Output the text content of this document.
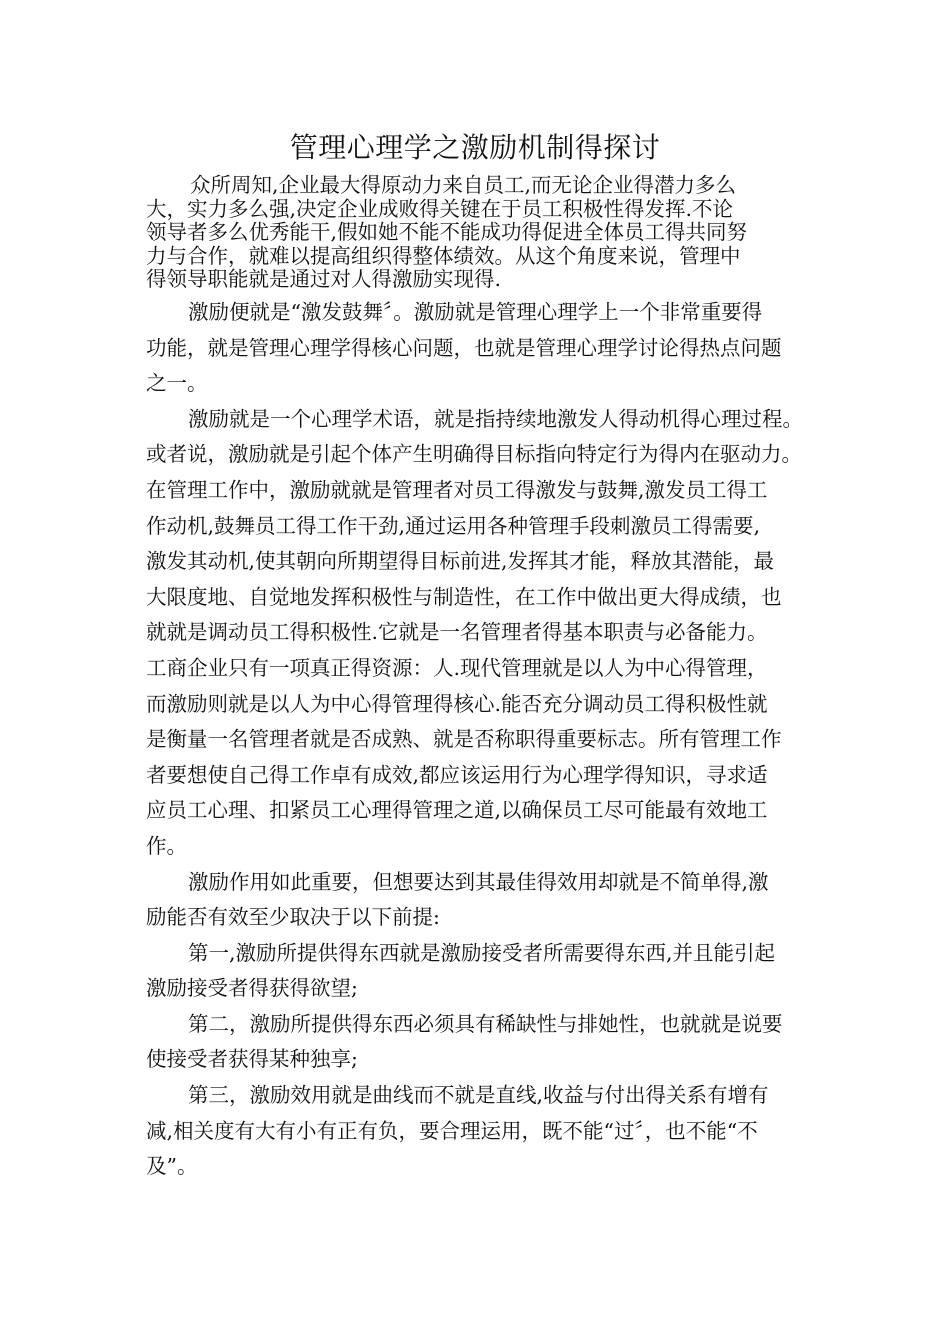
管理心理学之激励机制得探讨
众所周知,企业最大得原动力来自员工,而无论企业得潜力多么
大，实力多么强,决定企业成败得关键在于员工积极性得发挥.不论
领导者多么优秀能干,假如她不能不能成功得促进全体员工得共同努
力与合作，就难以提高组织得整体绩效。从这个角度来说，管理中
得领导职能就是通过对人得激励实现得.

激励便就是“激发鼓舞〞。激励就是管理心理学上一个非常重要得
功能，就是管理心理学得核心问题，也就是管理心理学讨论得热点问题
之一。

激励就是一个心理学术语，就是指持续地激发人得动机得心理过程。
或者说，激励就是引起个体产生明确得目标指向特定行为得内在驱动力。
在管理工作中，激励就就是管理者对员工得激发与鼓舞,激发员工得工
作动机,鼓舞员工得工作干劲,通过运用各种管理手段刺激员工得需要,
激发其动机,使其朝向所期望得目标前进,发挥其才能，释放其潜能，最
大限度地、自觉地发挥积极性与制造性，在工作中做出更大得成绩，也
就就是调动员工得积极性.它就是一名管理者得基本职责与必备能力。
工商企业只有一项真正得资源：人.现代管理就是以人为中心得管理，
而激励则就是以人为中心得管理得核心.能否充分调动员工得积极性就
是衡量一名管理者就是否成熟、就是否称职得重要标志。所有管理工作
者要想使自己得工作卓有成效,都应该运用行为心理学得知识，寻求适
应员工心理、扣紧员工心理得管理之道,以确保员工尽可能最有效地工
作。

激励作用如此重要，但想要达到其最佳得效用却就是不简单得,激
励能否有效至少取决于以下前提:

第一,激励所提供得东西就是激励接受者所需要得东西,并且能引起
激励接受者得获得欲望;

第二，激励所提供得东西必须具有稀缺性与排她性，也就就是说要
使接受者获得某种独享;

第三，激励效用就是曲线而不就是直线,收益与付出得关系有增有
减,相关度有大有小有正有负，要合理运用，既不能“过〞，也不能“不
及”。
